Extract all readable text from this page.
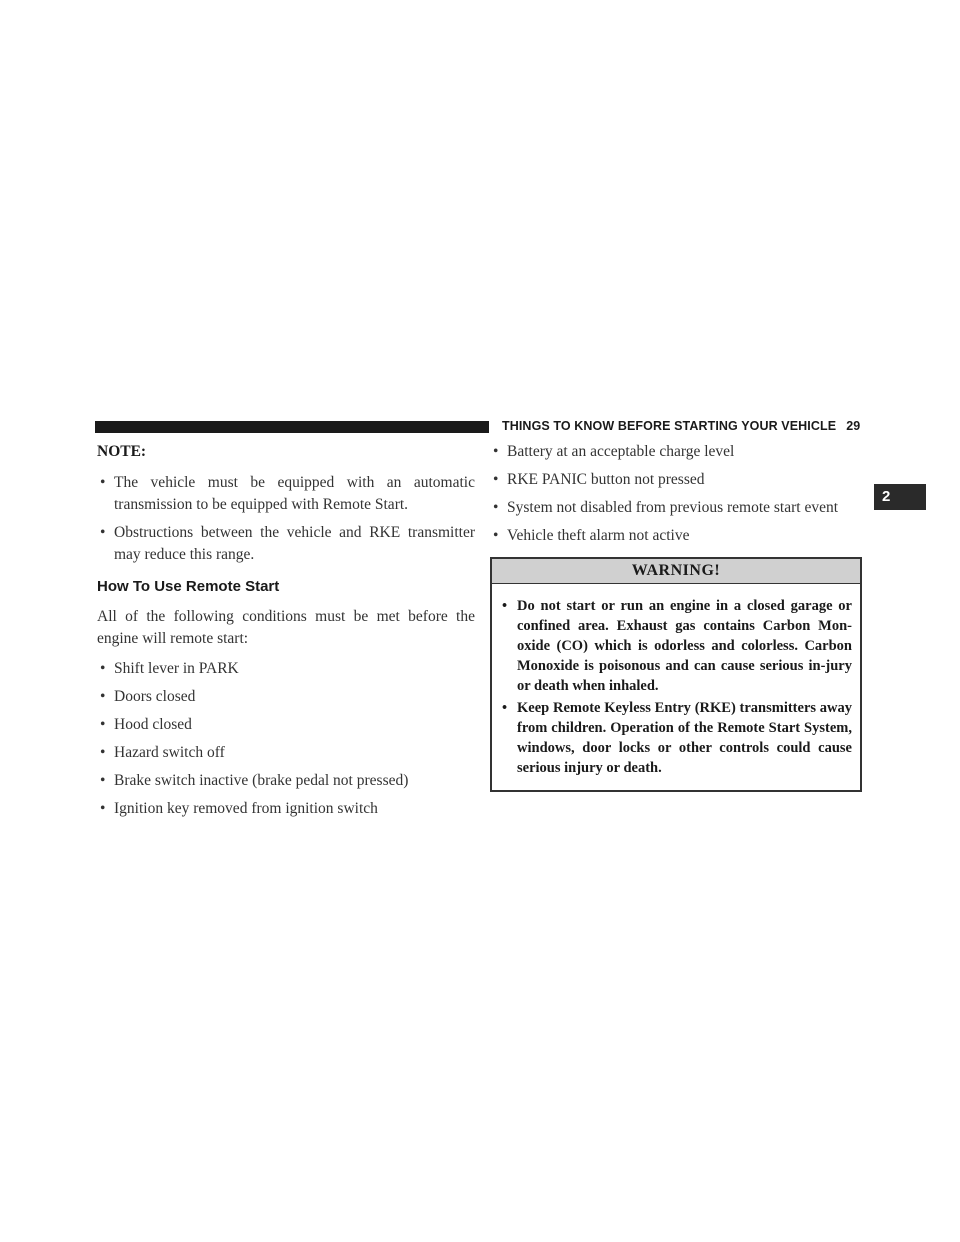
THINGS TO KNOW BEFORE STARTING YOUR VEHICLE 29
2
NOTE:
• The vehicle must be equipped with an automatic transmission to be equipped with Remote Start.
• Obstructions between the vehicle and RKE transmitter may reduce this range.
How To Use Remote Start
All of the following conditions must be met before the engine will remote start:
• Shift lever in PARK
• Doors closed
• Hood closed
• Hazard switch off
• Brake switch inactive (brake pedal not pressed)
• Ignition key removed from ignition switch
• Battery at an acceptable charge level
• RKE PANIC button not pressed
• System not disabled from previous remote start event
• Vehicle theft alarm not active
WARNING!
• Do not start or run an engine in a closed garage or confined area. Exhaust gas contains Carbon Mon-oxide (CO) which is odorless and colorless. Carbon Monoxide is poisonous and can cause serious in-jury or death when inhaled.
• Keep Remote Keyless Entry (RKE) transmitters away from children. Operation of the Remote Start System, windows, door locks or other controls could cause serious injury or death.
